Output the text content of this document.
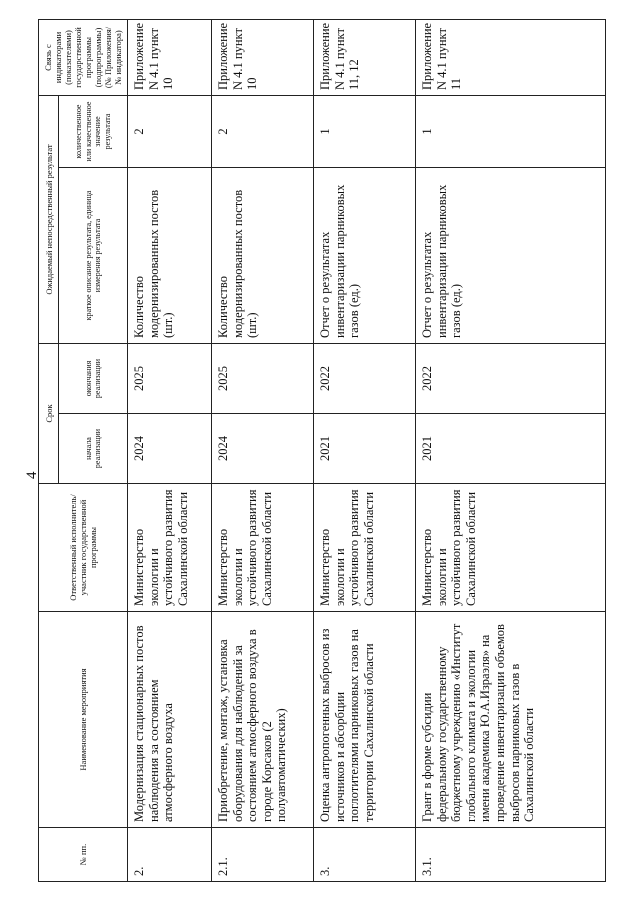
4
№ пп.	Наименование мероприятия	Ответственный исполнитель/участник государственной программы	Срок		Ожидаемый непосредственный результат		Связь с индикаторами (показателями) государственной программы (подпрограммы) (№ Приложения/№ индикатора)
			начала реализации	окончания реализации	краткое описание результата, единица измерения результата	количественное или качественное значение результата	
2.	Модернизация стационарных постов наблюдения за состоянием атмосферного воздуха	Министерство экологии и устойчивого развития Сахалинской области	2024	2025	Количество модернизированных постов (шт.)	2	Приложение N 4.1 пункт 10
2.1.	Приобретение, монтаж, установка оборудования для наблюдений за состоянием атмосферного воздуха в городе Корсаков (2 полуавтоматических)	Министерство экологии и устойчивого развития Сахалинской области	2024	2025	Количество модернизированных постов (шт.)	2	Приложение N 4.1 пункт 10
3.	Оценка антропогенных выбросов из источников и абсорбции поглотителями парниковых газов на территории Сахалинской области	Министерство экологии и устойчивого развития Сахалинской области	2021	2022	Отчет о результатах инвентаризации парниковых газов (ед.)	1	Приложение N 4.1 пункт 11, 12
3.1.	Грант в форме субсидии федеральному государственному бюджетному учреждению «Институт глобального климата и экологии имени академика Ю.А.Израэля» на проведение инвентаризации объемов выбросов парниковых газов в Сахалинской области	Министерство экологии и устойчивого развития Сахалинской области	2021	2022	Отчет о результатах инвентаризации парниковых газов (ед.)	1	Приложение N 4.1 пункт 11
